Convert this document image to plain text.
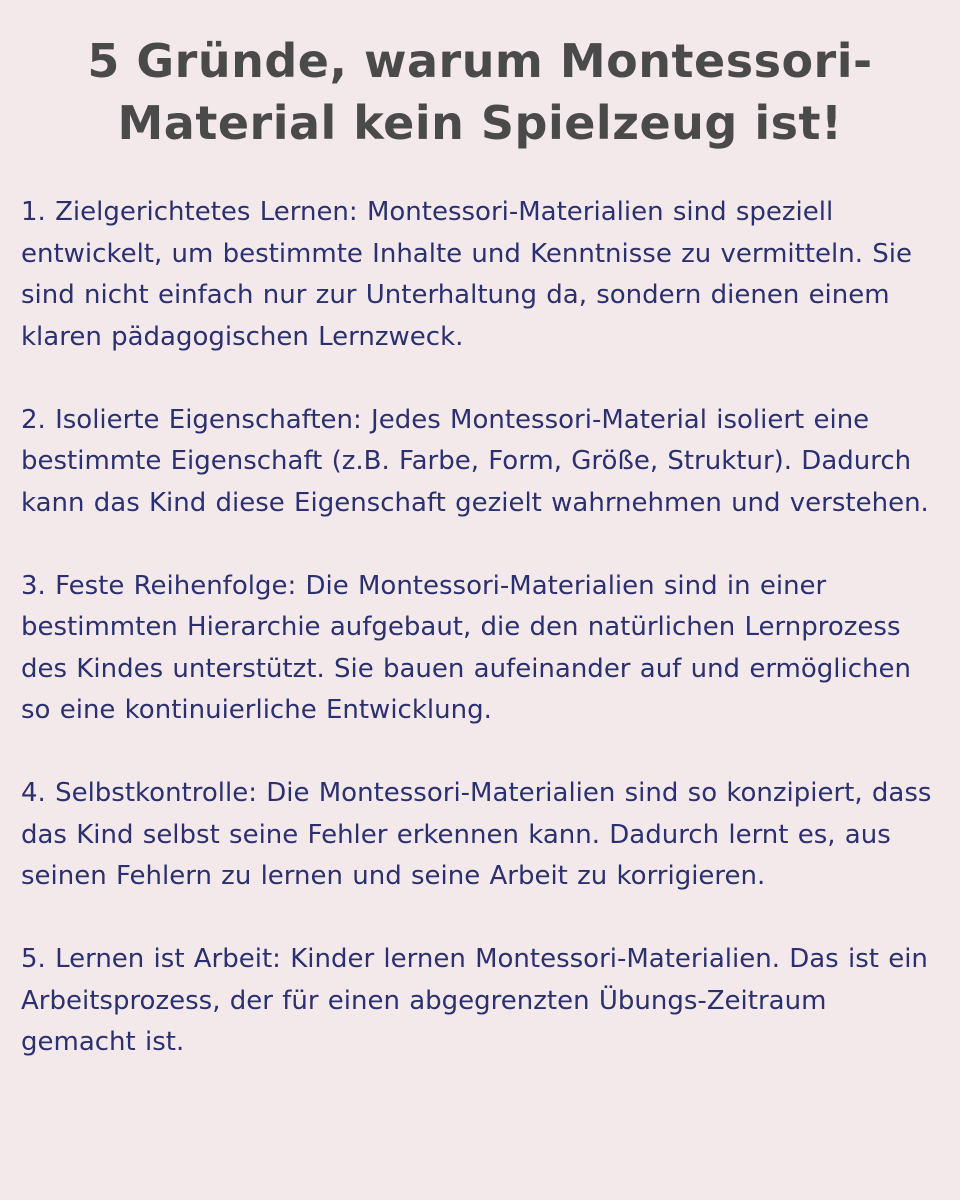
5 Gründe, warum Montessori-
Material kein Spielzeug ist!

1. Zielgerichtetes Lernen: Montessori-Materialien sind speziell entwickelt, um bestimmte Inhalte und Kenntnisse zu vermitteln. Sie sind nicht einfach nur zur Unterhaltung da, sondern dienen einem klaren pädagogischen Lernzweck.

2. Isolierte Eigenschaften: Jedes Montessori-Material isoliert eine bestimmte Eigenschaft (z.B. Farbe, Form, Größe, Struktur). Dadurch kann das Kind diese Eigenschaft gezielt wahrnehmen und verstehen.

3. Feste Reihenfolge: Die Montessori-Materialien sind in einer bestimmten Hierarchie aufgebaut, die den natürlichen Lernprozess des Kindes unterstützt. Sie bauen aufeinander auf und ermöglichen so eine kontinuierliche Entwicklung.

4. Selbstkontrolle: Die Montessori-Materialien sind so konzipiert, dass das Kind selbst seine Fehler erkennen kann. Dadurch lernt es, aus seinen Fehlern zu lernen und seine Arbeit zu korrigieren.

5. Lernen ist Arbeit: Kinder lernen Montessori-Materialien. Das ist ein Arbeitsprozess, der für einen abgegrenzten Übungs-Zeitraum gemacht ist.
